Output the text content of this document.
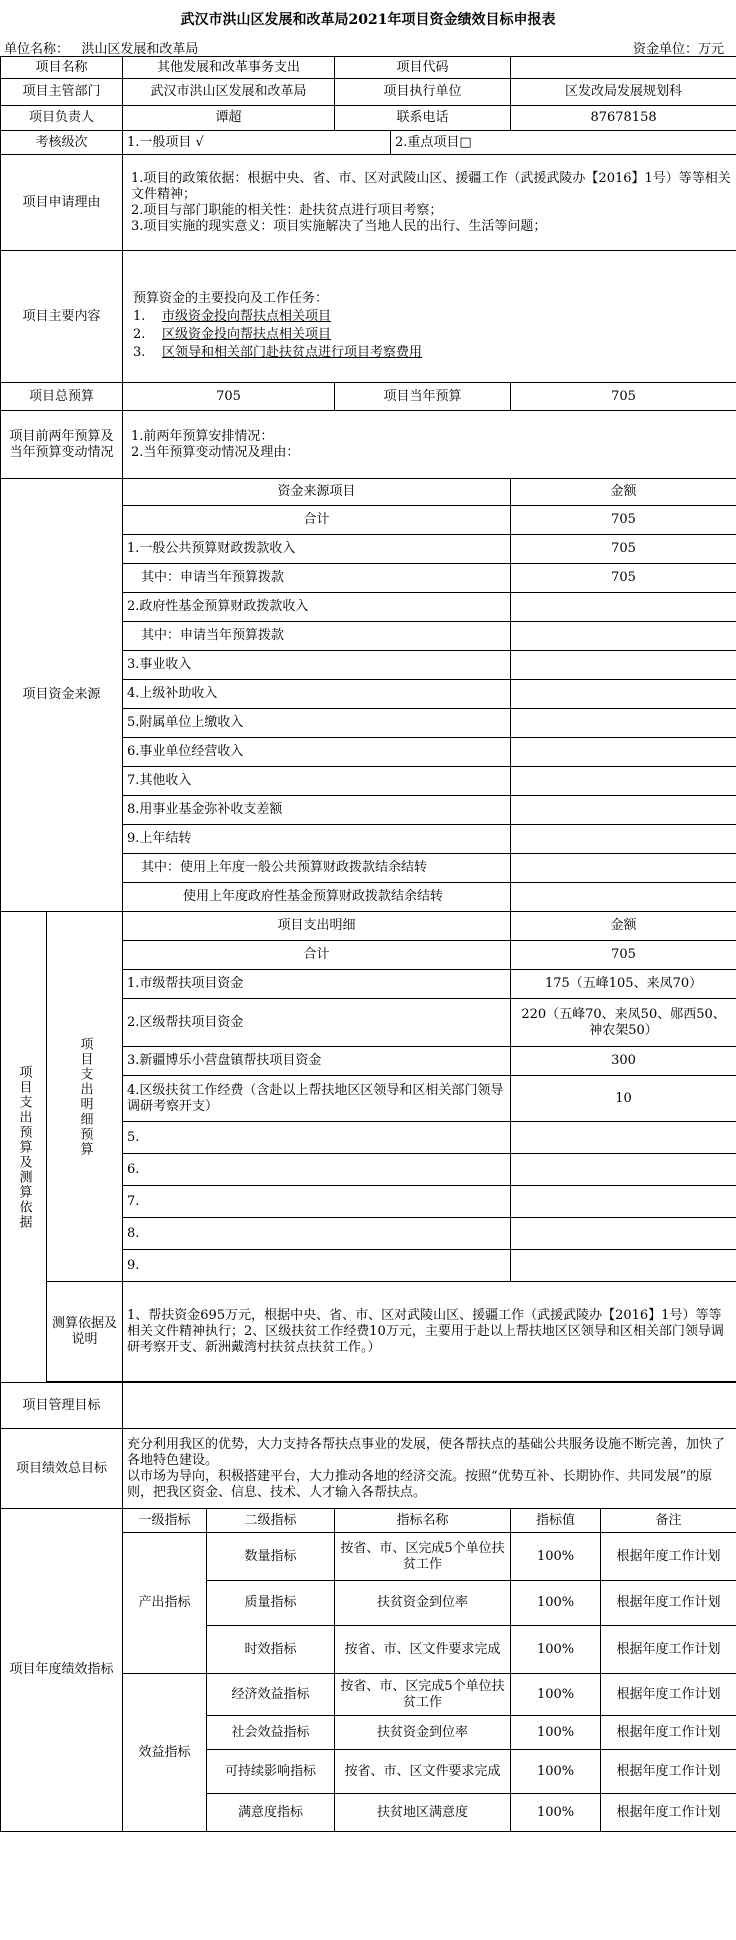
武汉市洪山区发展和改革局2021年项目资金绩效目标申报表
单位名称： 洪山区发展和改革局	资金单位：万元
项目名称		其他发展和改革事务支出		项目代码			
项目主管部门		武汉市洪山区发展和改革局		项目执行单位		区发改局发展规划科	
项目负责人		谭超		联系电话		87678158	
考核级次		1.一般项目 √			2.重点项目□		
项目申请理由		1.项目的政策依据：根据中央、省、市、区对武陵山区、援疆工作（武援武陵办【2016】1号）等等相关文件精神；
2.项目与部门职能的相关性：赴扶贫点进行项目考察；
3.项目实施的现实意义：项目实施解决了当地人民的出行、生活等问题；					

项目主要内容		预算资金的主要投向及工作任务：
1. 市级资金投向帮扶点相关项目
2. 区级资金投向帮扶点相关项目
3. 区领导和相关部门赴扶贫点进行项目考察费用					

项目总预算		705		项目当年预算		705	
项目前两年预算及当年预算变动情况		1.前两年预算安排情况：
2.当年预算变动情况及理由：					

项目资金来源		资金来源项目				金额	
		合计				705	
		1.一般公共预算财政拨款收入				705	
		其中：申请当年预算拨款				705	
		2.政府性基金预算财政拨款收入					
		其中：申请当年预算拨款					
		3.事业收入					
		4.上级补助收入					
		5.附属单位上缴收入					
		6.事业单位经营收入					
		7.其他收入					
		8.用事业基金弥补收支差额					
		9.上年结转					
		其中：使用上年度一般公共预算财政拨款结余结转					
		使用上年度政府性基金预算财政拨款结余结转					

项目支出预算及测算依据	项目支出明细预算	项目支出明细				金额	
		合计				705	
		1.市级帮扶项目资金				175（五峰105、来凤70）	
		2.区级帮扶项目资金				220（五峰70、来凤50、郧西50、神农架50）	
		3.新疆博乐小营盘镇帮扶项目资金				300	
		4.区级扶贫工作经费（含赴以上帮扶地区区领导和区相关部门领导调研考察开支）				10	
		5.					
		6.					
		7.					
		8.					
		9.					
	测算依据及说明	1、帮扶资金695万元，根据中央、省、市、区对武陵山区、援疆工作（武援武陵办【2016】1号）等等相关文件精神执行；2、区级扶贫工作经费10万元，主要用于赴以上帮扶地区区领导和区相关部门领导调研考察开支、新洲戴湾村扶贫点扶贫工作。）					

项目管理目标							
项目绩效总目标		充分利用我区的优势，大力支持各帮扶点事业的发展，使各帮扶点的基础公共服务设施不断完善，加快了各地特色建设。
以市场为导向，积极搭建平台，大力推动各地的经济交流。按照“优势互补、长期协作、共同发展”的原则，把我区资金、信息、技术、人才输入各帮扶点。					
项目年度绩效指标		一级指标	二级指标	指标名称		指标值	备注
		产出指标	数量指标	按省、市、区完成5个单位扶贫工作		100%	根据年度工作计划
			质量指标	扶贫资金到位率		100%	根据年度工作计划
			时效指标	按省、市、区文件要求完成		100%	根据年度工作计划
		效益指标	经济效益指标	按省、市、区完成5个单位扶贫工作		100%	根据年度工作计划
			社会效益指标	扶贫资金到位率		100%	根据年度工作计划
			可持续影响指标	按省、市、区文件要求完成		100%	根据年度工作计划
			满意度指标	扶贫地区满意度		100%	根据年度工作计划
